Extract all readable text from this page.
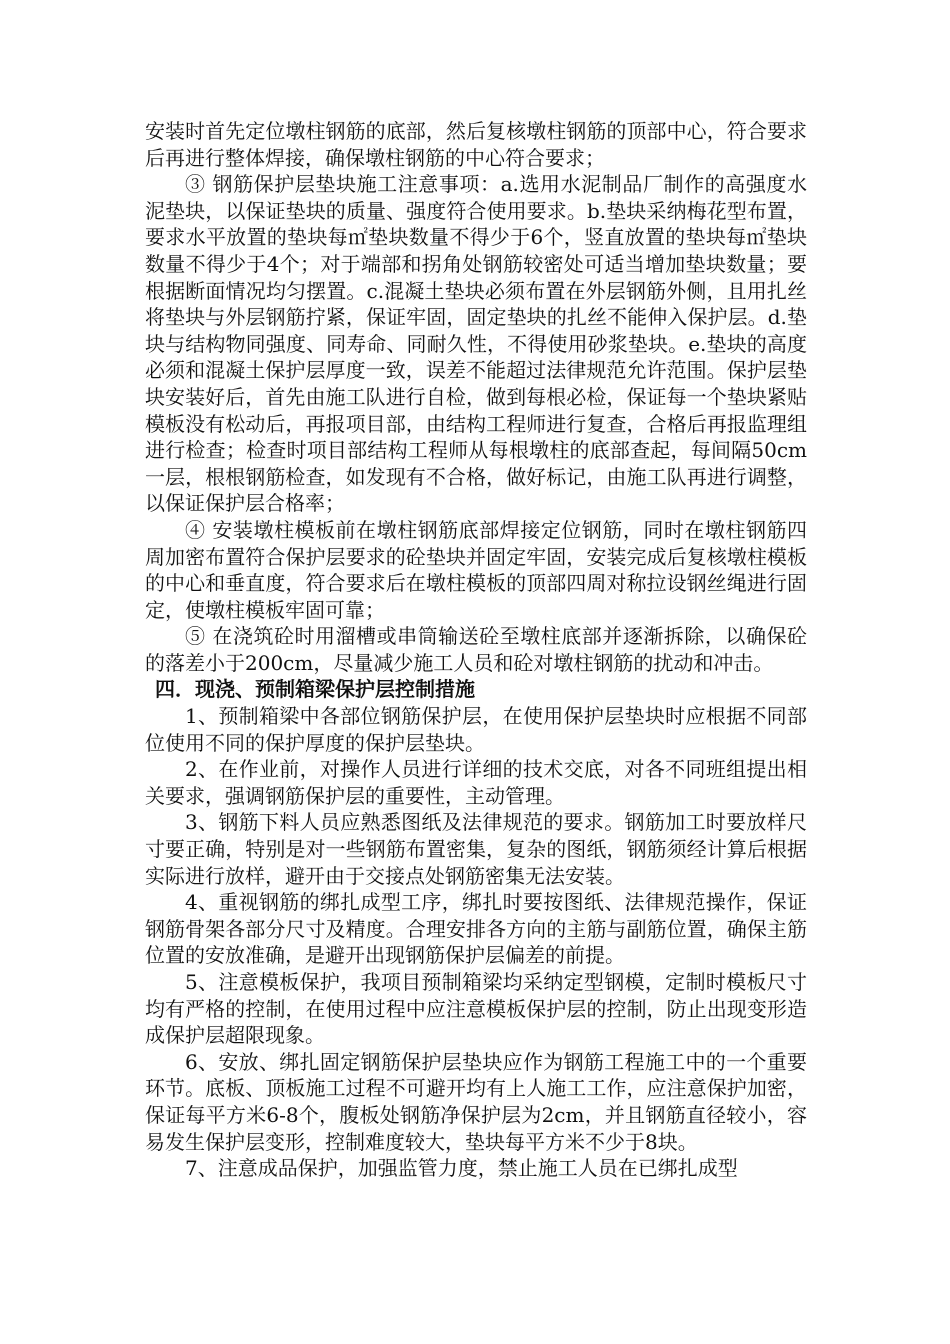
安装时首先定位墩柱钢筋的底部，然后复核墩柱钢筋的顶部中心，符合要求后再进行整体焊接，确保墩柱钢筋的中心符合要求；

③ 钢筋保护层垫块施工注意事项：a.选用水泥制品厂制作的高强度水泥垫块，以保证垫块的质量、强度符合使用要求。b.垫块采纳梅花型布置，要求水平放置的垫块每㎡垫块数量不得少于6个，竖直放置的垫块每㎡垫块数量不得少于4个；对于端部和拐角处钢筋较密处可适当增加垫块数量；要根据断面情况均匀摆置。c.混凝土垫块必须布置在外层钢筋外侧，且用扎丝将垫块与外层钢筋拧紧，保证牢固，固定垫块的扎丝不能伸入保护层。d.垫块与结构物同强度、同寿命、同耐久性，不得使用砂浆垫块。e.垫块的高度必须和混凝土保护层厚度一致，误差不能超过法律规范允许范围。保护层垫块安装好后，首先由施工队进行自检，做到每根必检，保证每一个垫块紧贴模板没有松动后，再报项目部，由结构工程师进行复查，合格后再报监理组进行检查；检查时项目部结构工程师从每根墩柱的底部查起，每间隔50cm一层，根根钢筋检查，如发现有不合格，做好标记，由施工队再进行调整，以保证保护层合格率；

④ 安装墩柱模板前在墩柱钢筋底部焊接定位钢筋，同时在墩柱钢筋四周加密布置符合保护层要求的砼垫块并固定牢固，安装完成后复核墩柱模板的中心和垂直度，符合要求后在墩柱模板的顶部四周对称拉设钢丝绳进行固定，使墩柱模板牢固可靠；

⑤ 在浇筑砼时用溜槽或串筒输送砼至墩柱底部并逐渐拆除，以确保砼的落差小于200cm，尽量减少施工人员和砼对墩柱钢筋的扰动和冲击。

四．现浇、预制箱梁保护层控制措施

1、预制箱梁中各部位钢筋保护层，在使用保护层垫块时应根据不同部位使用不同的保护厚度的保护层垫块。

2、在作业前，对操作人员进行详细的技术交底，对各不同班组提出相关要求，强调钢筋保护层的重要性，主动管理。

3、钢筋下料人员应熟悉图纸及法律规范的要求。钢筋加工时要放样尺寸要正确，特别是对一些钢筋布置密集，复杂的图纸，钢筋须经计算后根据实际进行放样，避开由于交接点处钢筋密集无法安装。

4、重视钢筋的绑扎成型工序，绑扎时要按图纸、法律规范操作，保证钢筋骨架各部分尺寸及精度。合理安排各方向的主筋与副筋位置，确保主筋位置的安放准确，是避开出现钢筋保护层偏差的前提。

5、注意模板保护，我项目预制箱梁均采纳定型钢模，定制时模板尺寸均有严格的控制，在使用过程中应注意模板保护层的控制，防止出现变形造成保护层超限现象。

6、安放、绑扎固定钢筋保护层垫块应作为钢筋工程施工中的一个重要环节。底板、顶板施工过程不可避开均有上人施工工作，应注意保护加密，保证每平方米6-8个，腹板处钢筋净保护层为2cm，并且钢筋直径较小，容易发生保护层变形，控制难度较大，垫块每平方米不少于8块。

7、注意成品保护，加强监管力度，禁止施工人员在已绑扎成型
